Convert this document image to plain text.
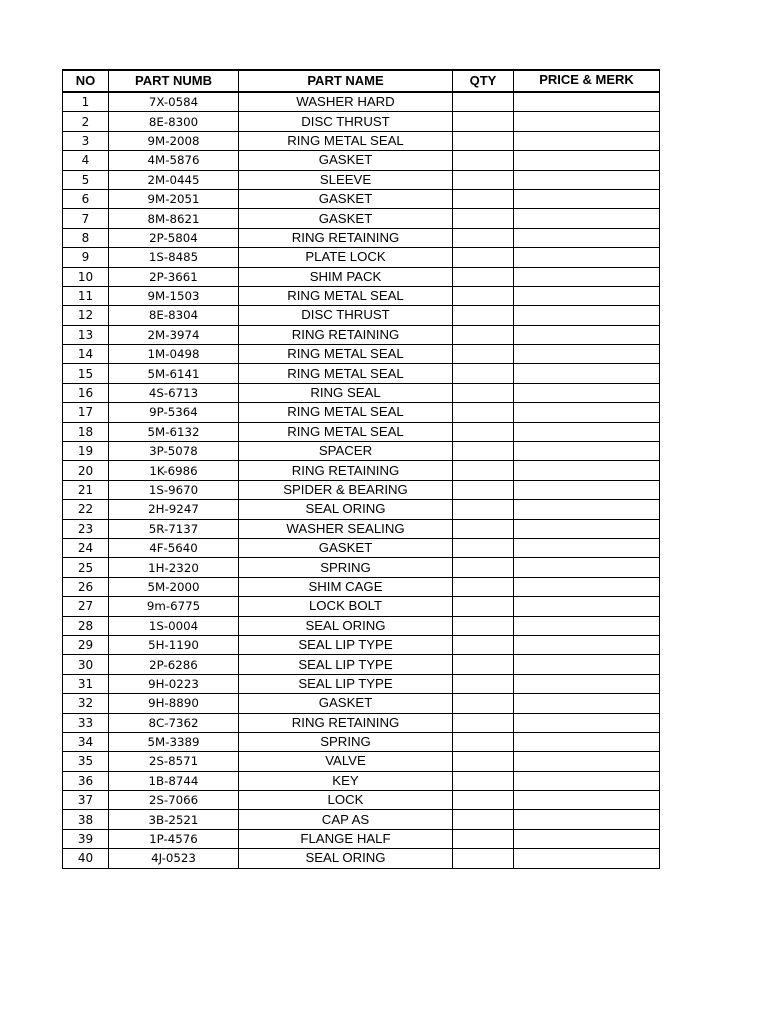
NO	PART NUMB	PART NAME	QTY	PRICE & MERK
1	7X-0584	WASHER HARD		
2	8E-8300	DISC THRUST		
3	9M-2008	RING METAL SEAL		
4	4M-5876	GASKET		
5	2M-0445	SLEEVE		
6	9M-2051	GASKET		
7	8M-8621	GASKET		
8	2P-5804	RING RETAINING		
9	1S-8485	PLATE LOCK		
10	2P-3661	SHIM PACK		
11	9M-1503	RING METAL SEAL		
12	8E-8304	DISC THRUST		
13	2M-3974	RING RETAINING		
14	1M-0498	RING METAL SEAL		
15	5M-6141	RING METAL SEAL		
16	4S-6713	RING SEAL		
17	9P-5364	RING METAL SEAL		
18	5M-6132	RING METAL SEAL		
19	3P-5078	SPACER		
20	1K-6986	RING RETAINING		
21	1S-9670	SPIDER & BEARING		
22	2H-9247	SEAL ORING		
23	5R-7137	WASHER SEALING		
24	4F-5640	GASKET		
25	1H-2320	SPRING		
26	5M-2000	SHIM CAGE		
27	9m-6775	LOCK BOLT		
28	1S-0004	SEAL ORING		
29	5H-1190	SEAL LIP TYPE		
30	2P-6286	SEAL LIP TYPE		
31	9H-0223	SEAL LIP TYPE		
32	9H-8890	GASKET		
33	8C-7362	RING RETAINING		
34	5M-3389	SPRING		
35	2S-8571	VALVE		
36	1B-8744	KEY		
37	2S-7066	LOCK		
38	3B-2521	CAP AS		
39	1P-4576	FLANGE HALF		
40	4J-0523	SEAL ORING		
